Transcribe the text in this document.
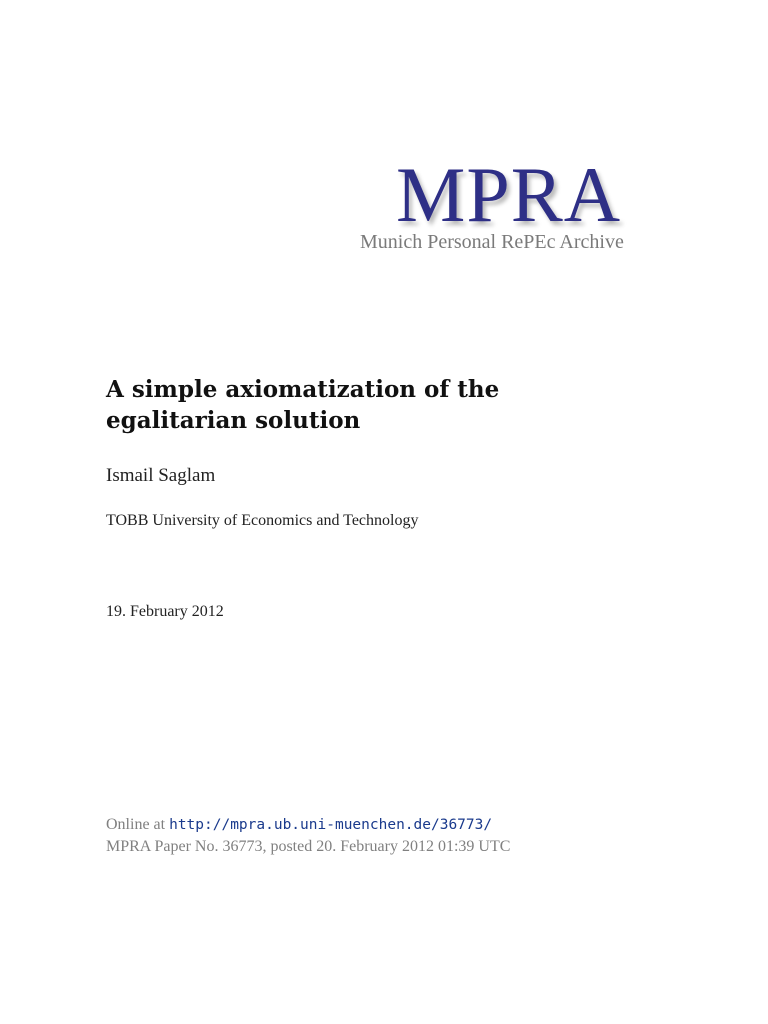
MPRA
Munich Personal RePEc Archive
A simple axiomatization of the
egalitarian solution
Ismail Saglam
TOBB University of Economics and Technology
19. February 2012
Online at http://mpra.ub.uni-muenchen.de/36773/
MPRA Paper No. 36773, posted 20. February 2012 01:39 UTC
